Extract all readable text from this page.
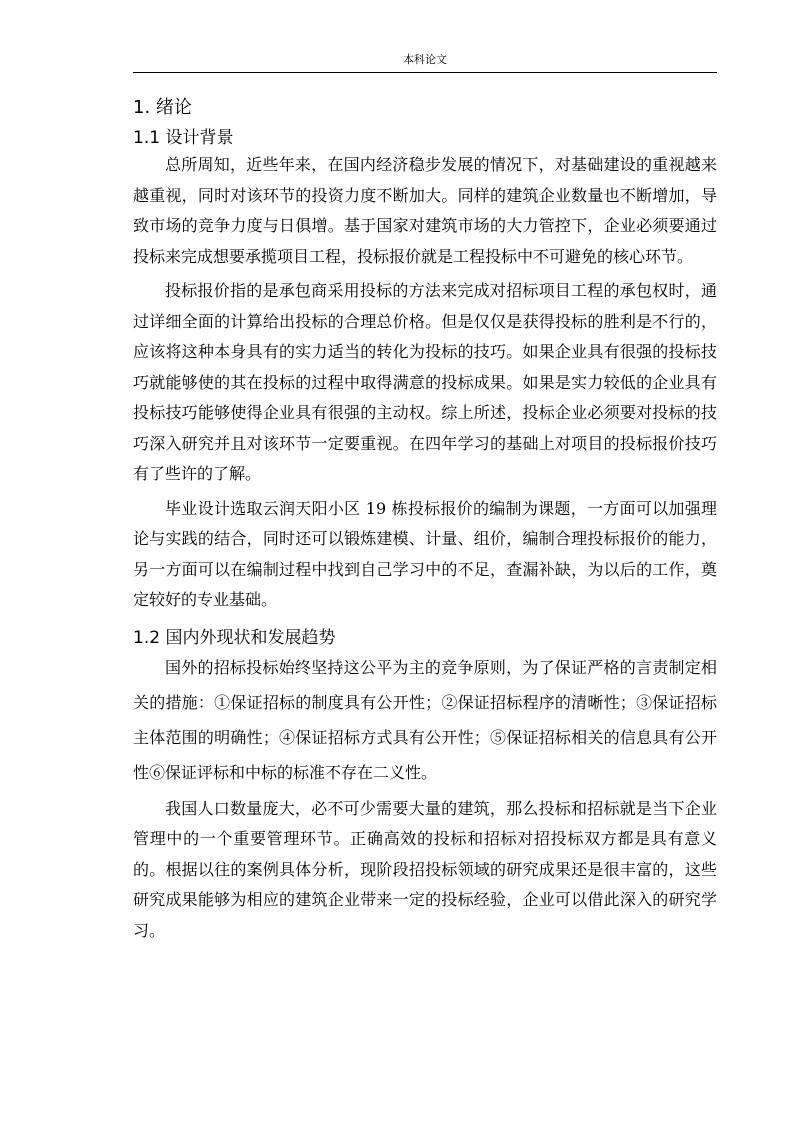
本科论文
1. 绪论
1.1 设计背景

总所周知，近些年来，在国内经济稳步发展的情况下，对基础建设的重视越来越重视，同时对该环节的投资力度不断加大。同样的建筑企业数量也不断增加，导致市场的竞争力度与日俱增。基于国家对建筑市场的大力管控下，企业必须要通过投标来完成想要承揽项目工程，投标报价就是工程投标中不可避免的核心环节。

投标报价指的是承包商采用投标的方法来完成对招标项目工程的承包权时，通过详细全面的计算给出投标的合理总价格。但是仅仅是获得投标的胜利是不行的，应该将这种本身具有的实力适当的转化为投标的技巧。如果企业具有很强的投标技巧就能够使的其在投标的过程中取得满意的投标成果。如果是实力较低的企业具有投标技巧能够使得企业具有很强的主动权。综上所述，投标企业必须要对投标的技巧深入研究并且对该环节一定要重视。在四年学习的基础上对项目的投标报价技巧有了些许的了解。

毕业设计选取云润天阳小区 19 栋投标报价的编制为课题，一方面可以加强理论与实践的结合，同时还可以锻炼建模、计量、组价，编制合理投标报价的能力，另一方面可以在编制过程中找到自己学习中的不足，查漏补缺，为以后的工作，奠定较好的专业基础。

1.2 国内外现状和发展趋势

国外的招标投标始终坚持这公平为主的竞争原则，为了保证严格的言责制定相关的措施：①保证招标的制度具有公开性；②保证招标程序的清晰性；③保证招标主体范围的明确性；④保证招标方式具有公开性；⑤保证招标相关的信息具有公开性⑥保证评标和中标的标准不存在二义性。

我国人口数量庞大，必不可少需要大量的建筑，那么投标和招标就是当下企业管理中的一个重要管理环节。正确高效的投标和招标对招投标双方都是具有意义的。根据以往的案例具体分析，现阶段招投标领域的研究成果还是很丰富的，这些研究成果能够为相应的建筑企业带来一定的投标经验，企业可以借此深入的研究学习。
